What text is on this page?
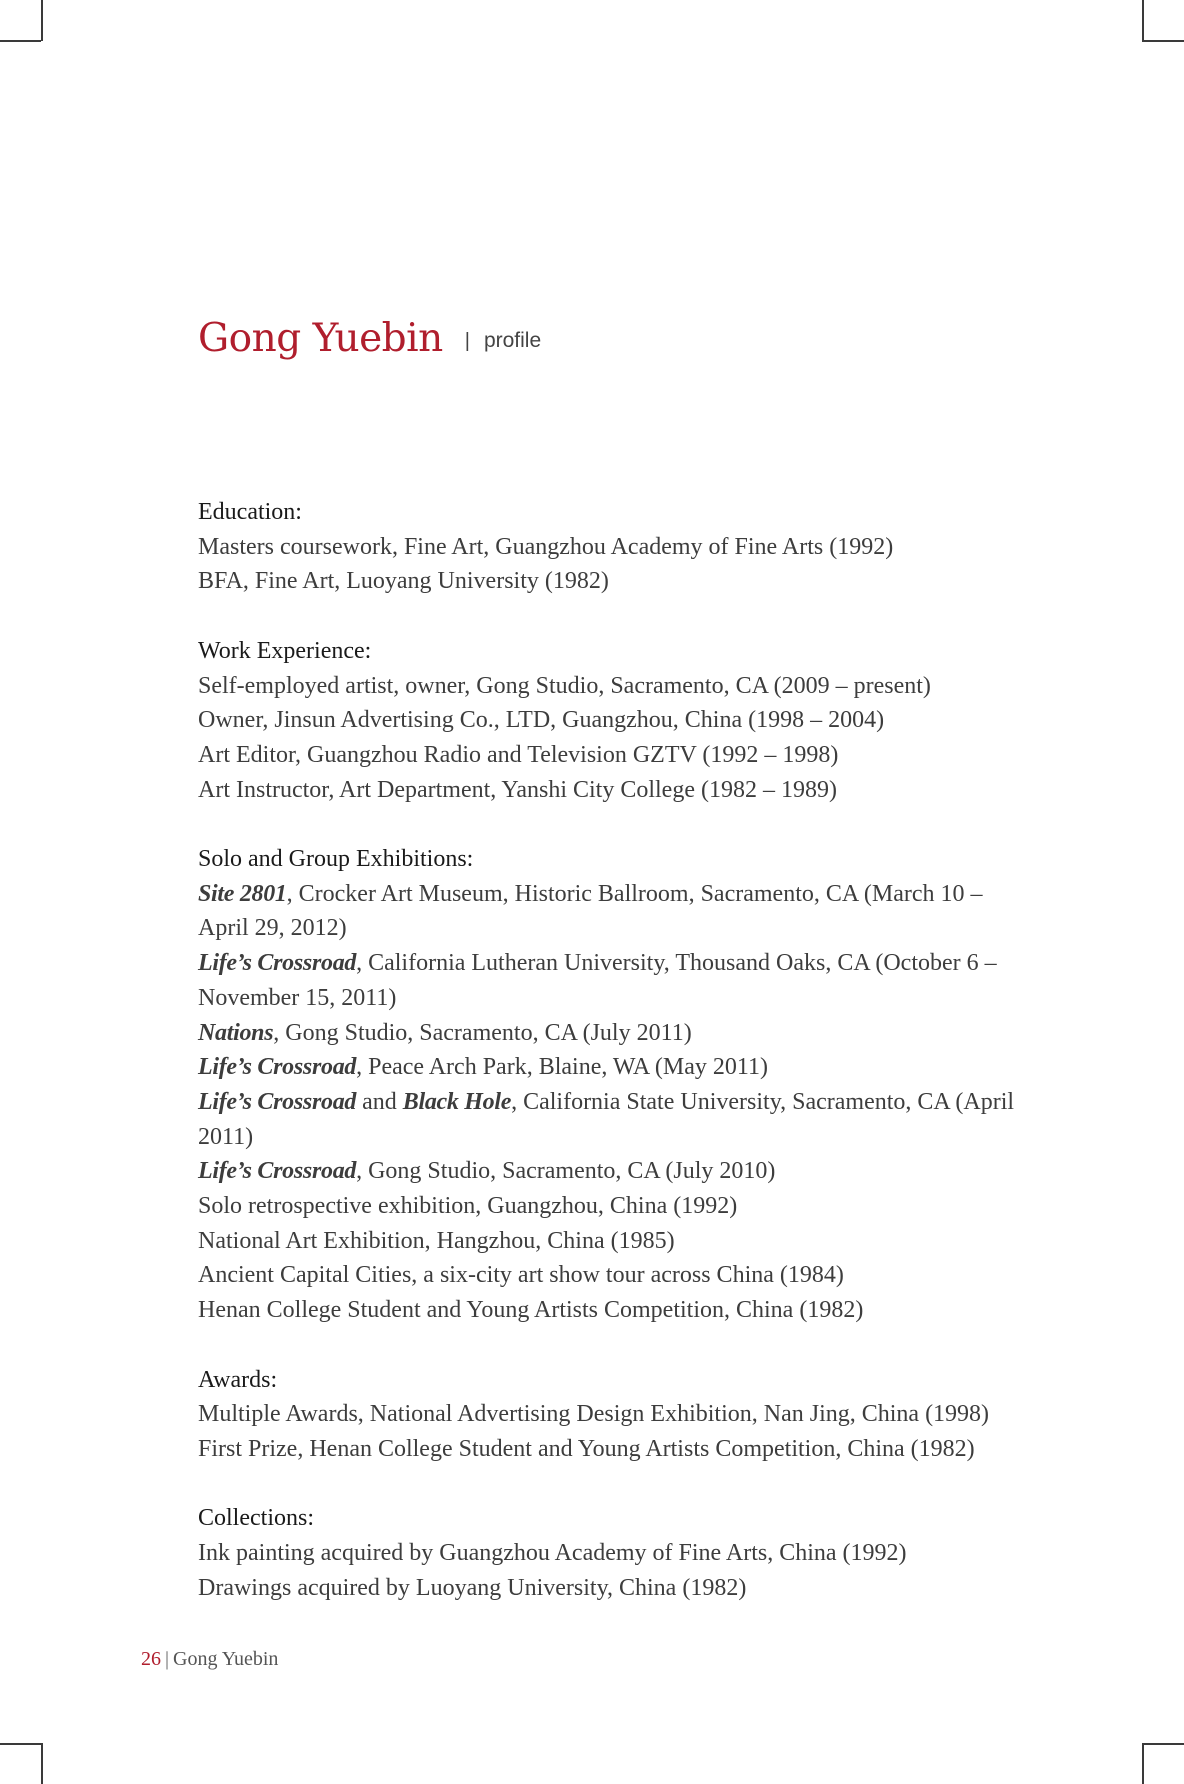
Gong Yuebin | profile
Education:
Masters coursework, Fine Art, Guangzhou Academy of Fine Arts (1992)
BFA, Fine Art, Luoyang University (1982)
Work Experience:
Self-employed artist, owner, Gong Studio, Sacramento, CA (2009 – present)
Owner, Jinsun Advertising Co., LTD, Guangzhou, China (1998 – 2004)
Art Editor, Guangzhou Radio and Television GZTV (1992 – 1998)
Art Instructor, Art Department, Yanshi City College (1982 – 1989)
Solo and Group Exhibitions:
Site 2801, Crocker Art Museum, Historic Ballroom, Sacramento, CA (March 10 –
April 29, 2012)
Life’s Crossroad, California Lutheran University, Thousand Oaks, CA (October 6 –
November 15, 2011)
Nations, Gong Studio, Sacramento, CA (July 2011)
Life’s Crossroad, Peace Arch Park, Blaine, WA (May 2011)
Life’s Crossroad and Black Hole, California State University, Sacramento, CA (April
2011)
Life’s Crossroad, Gong Studio, Sacramento, CA (July 2010)
Solo retrospective exhibition, Guangzhou, China (1992)
National Art Exhibition, Hangzhou, China (1985)
Ancient Capital Cities, a six-city art show tour across China (1984)
Henan College Student and Young Artists Competition, China (1982)
Awards:
Multiple Awards, National Advertising Design Exhibition, Nan Jing, China (1998)
First Prize, Henan College Student and Young Artists Competition, China (1982)
Collections:
Ink painting acquired by Guangzhou Academy of Fine Arts, China (1992)
Drawings acquired by Luoyang University, China (1982)
26 | Gong Yuebin
